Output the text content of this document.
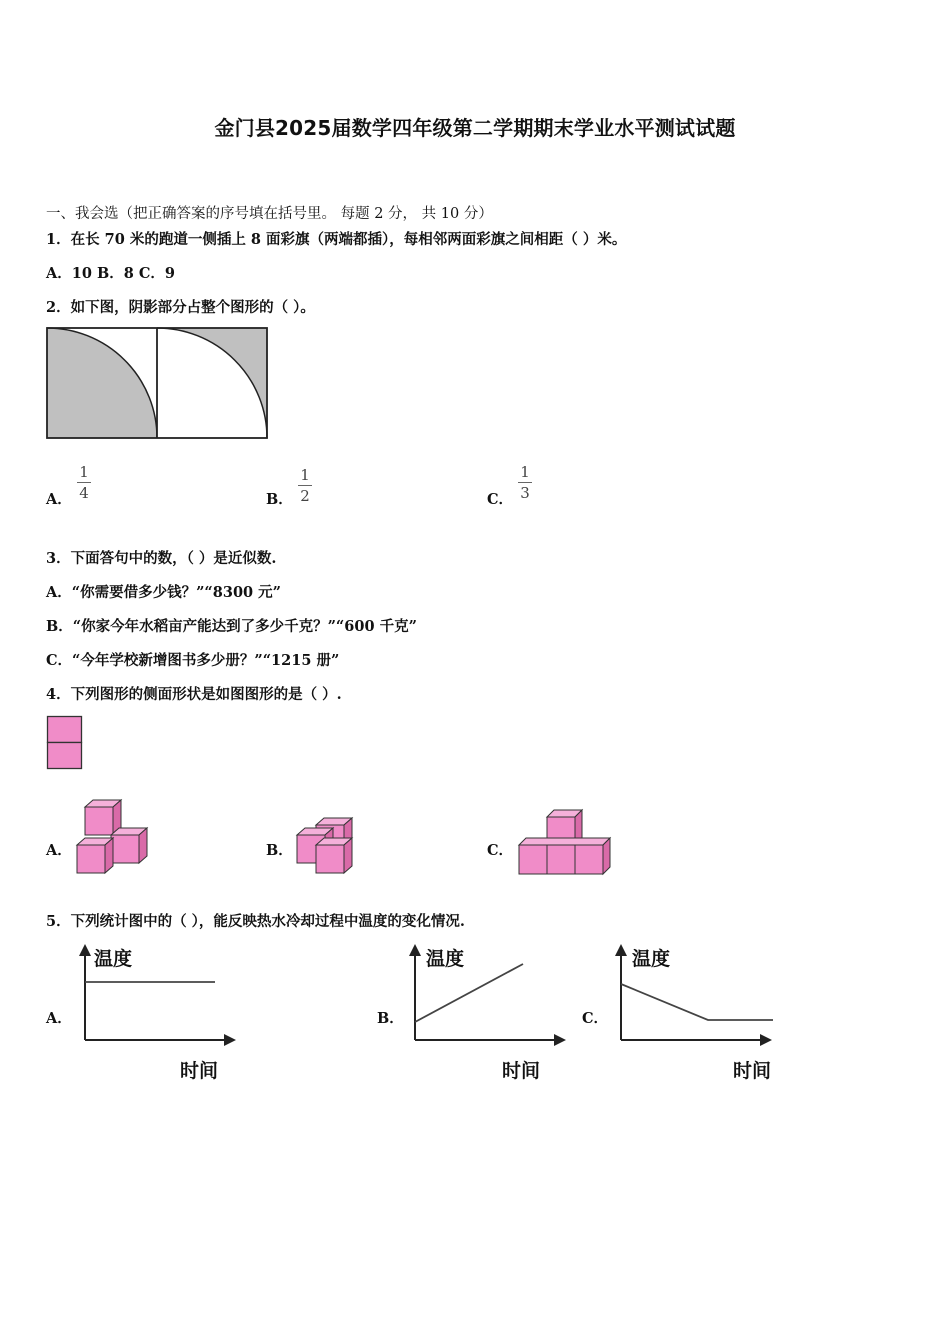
金门县2025届数学四年级第二学期期末学业水平测试试题
一、我会选（把正确答案的序号填在括号里。 每题 2 分， 共 10 分）
1．在长 70 米的跑道一侧插上 8 面彩旗（两端都插），每相邻两面彩旗之间相距（ ）米。
A．10 B．8 C．9
2．如下图，阴影部分占整个图形的（ ）。
A．
1
4	B．
1
2	C．
1
3
3．下面答句中的数，（ ）是近似数.
A．“你需要借多少钱？”“8300 元”
B．“你家今年水稻亩产能达到了多少千克？”“600 千克”
C．“今年学校新增图书多少册？”“1215 册”
4．下列图形的侧面形状是如图图形的是（ ）.
A．	B．	C．
5．下列统计图中的（ ），能反映热水冷却过程中温度的变化情况.
A．
温度
时间
B．
温度
时间
C．
温度
时间
